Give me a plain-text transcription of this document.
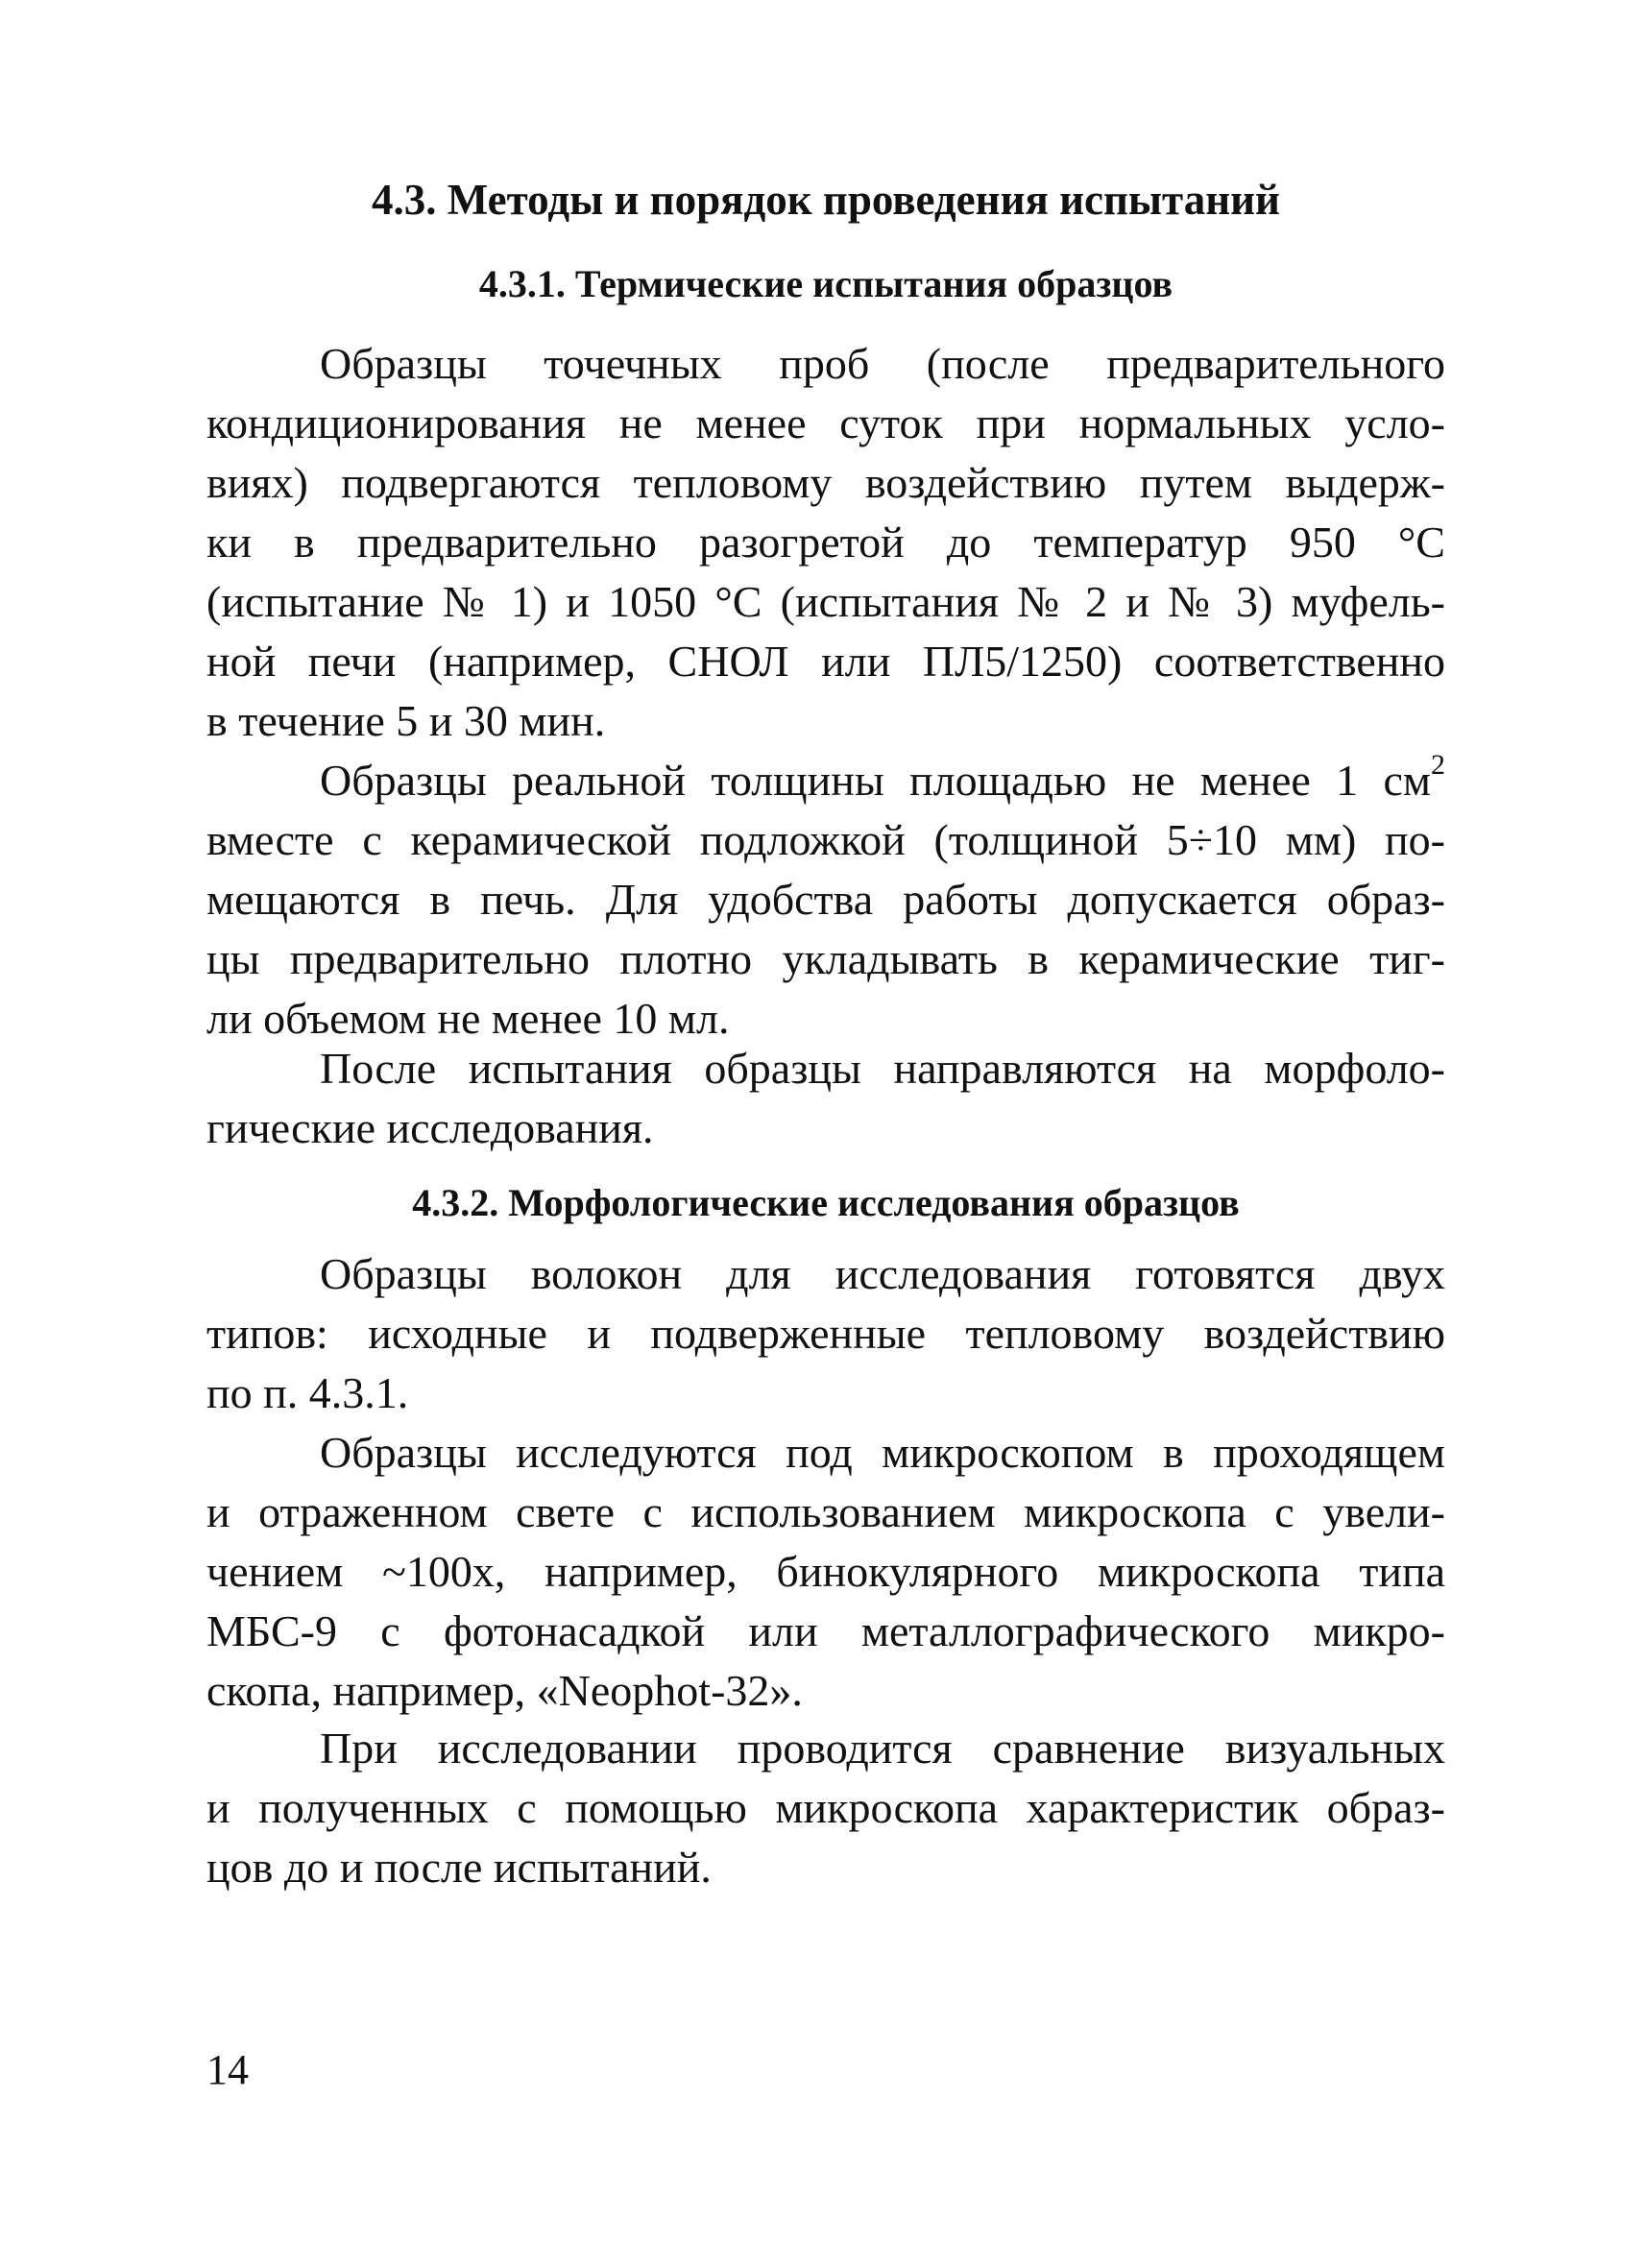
4.3. Методы и порядок проведения испытаний
4.3.1. Термические испытания образцов

Образцы точечных проб (после предварительного
кондиционирования не менее суток при нормальных усло-
виях) подвергаются тепловому воздействию путем выдерж-
ки в предварительно разогретой до температур 950 °С
(испытание № 1) и 1050 °С (испытания № 2 и № 3) муфель-
ной печи (например, СНОЛ или ПЛ5/1250) соответственно
в течение 5 и 30 мин.

Образцы реальной толщины площадью не менее 1 $см^2$
вместе с керамической подложкой (толщиной 5÷10 мм) по-
мещаются в печь. Для удобства работы допускается образ-
цы предварительно плотно укладывать в керамические тиг-
ли объемом не менее 10 мл.

После испытания образцы направляются на морфоло-
гические исследования.

4.3.2. Морфологические исследования образцов

Образцы волокон для исследования готовятся двух
типов: исходные и подверженные тепловому воздействию
по п. 4.3.1.

Образцы исследуются под микроскопом в проходящем
и отраженном свете с использованием микроскопа с увели-
чением ~100х, например, бинокулярного микроскопа типа
МБС-9 с фотонасадкой или металлографического микро-
скопа, например, «Neophot-32».

При исследовании проводится сравнение визуальных
и полученных с помощью микроскопа характеристик образ-
цов до и после испытаний.

14
